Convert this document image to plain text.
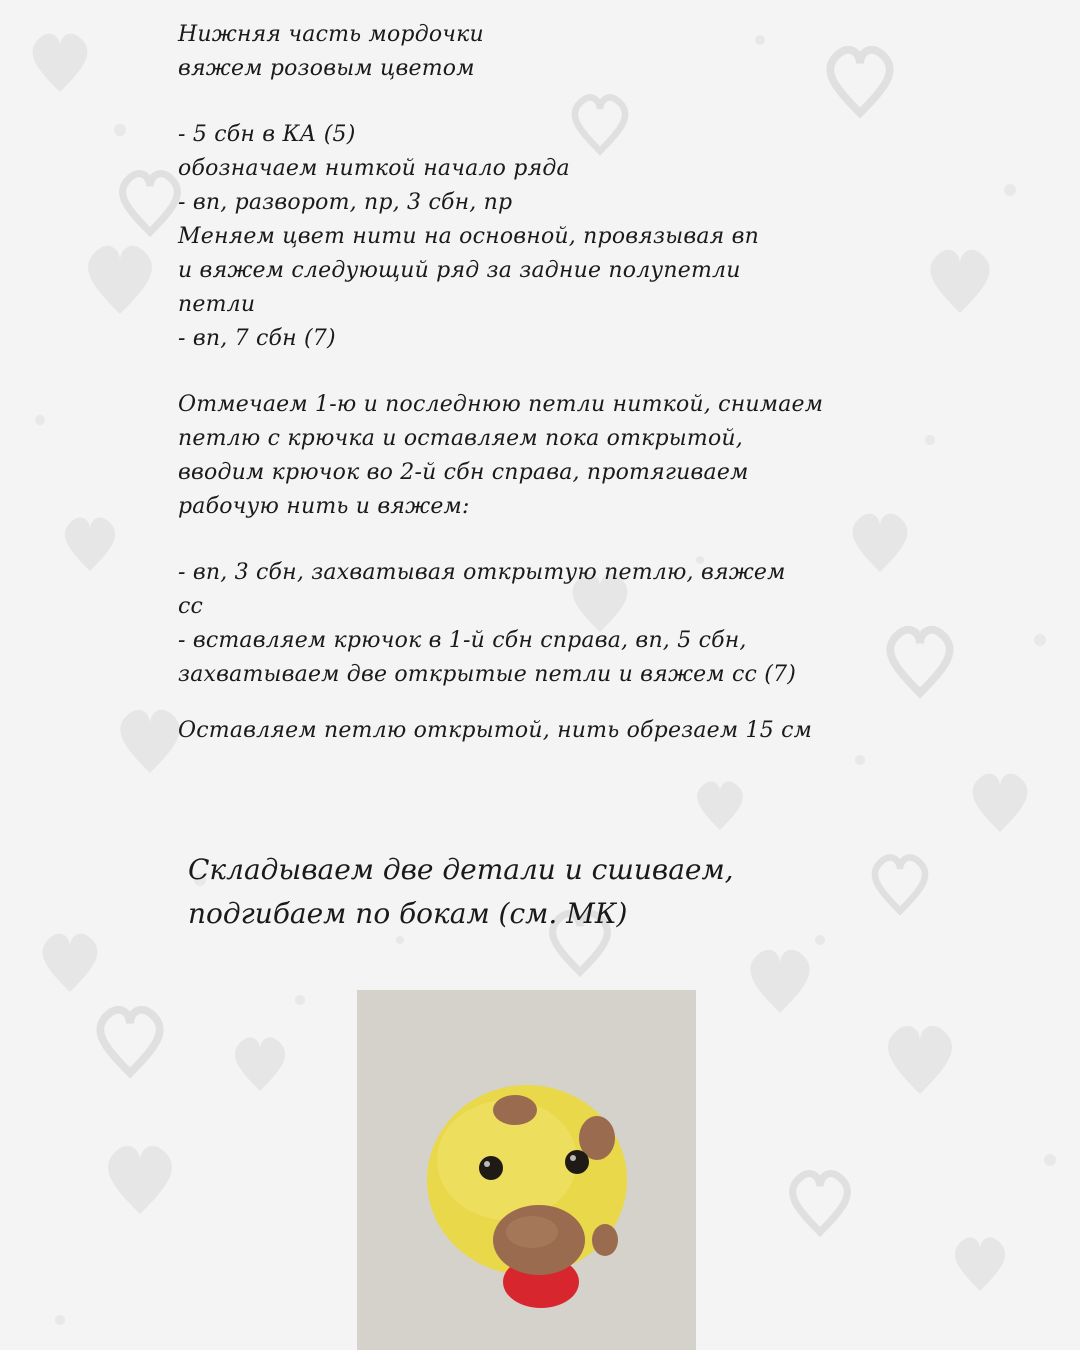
Нижняя часть мордочки
вяжем розовым цветом
- 5 сбн в КА (5)
обозначаем ниткой начало ряда
- вп, разворот, пр, 3 сбн, пр
Меняем цвет нити на основной, провязывая вп
и вяжем следующий ряд за задние полупетли
петли
- вп, 7 сбн (7)
Отмечаем 1-ю и последнюю петли ниткой, снимаем
петлю с крючка и оставляем пока открытой,
вводим крючок во 2-й сбн справа, протягиваем
рабочую нить и вяжем:
- вп, 3 сбн, захватывая открытую петлю, вяжем
сс
- вставляем крючок в 1-й сбн справа, вп, 5 сбн,
захватываем две открытые петли и вяжем сс (7)
Оставляем петлю открытой, нить обрезаем 15 см
Складываем две детали и сшиваем,
подгибаем по бокам (см. МК)
